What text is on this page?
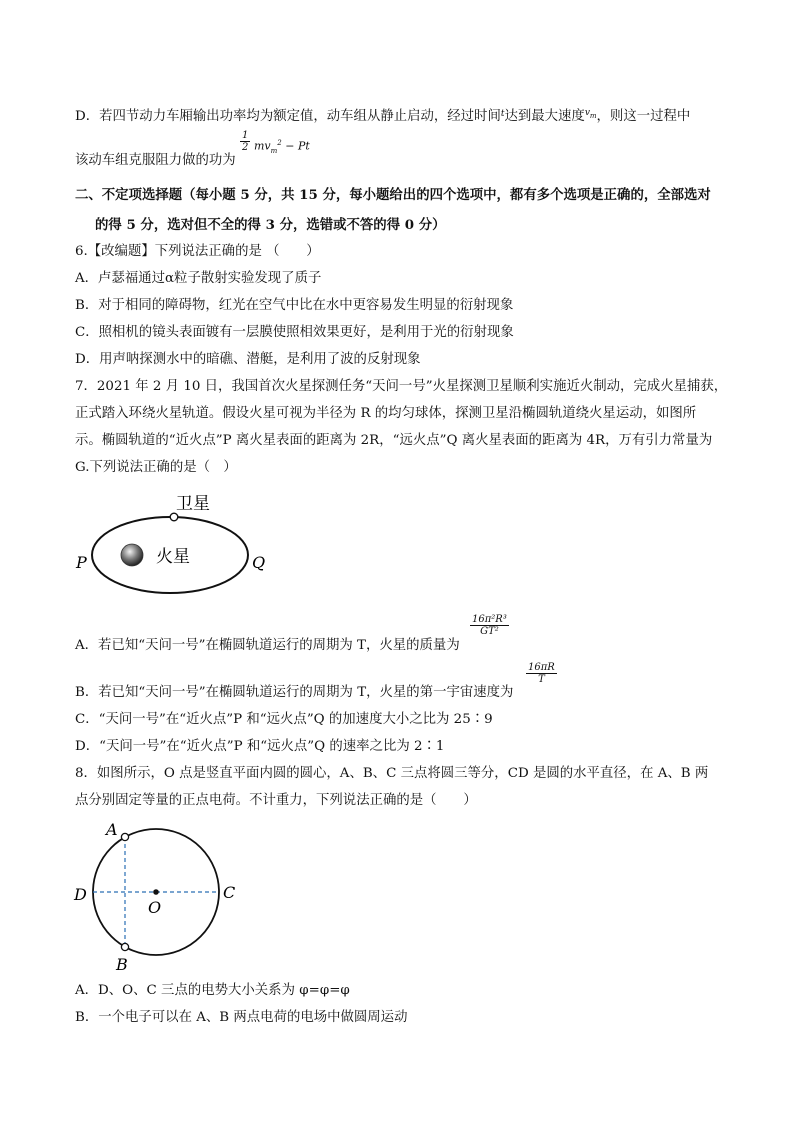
D．若四节动力车厢输出功率均为额定值，动车组从静止启动，经过时间$^t$达到最大速度$^{v_m}$，则这一过程中
该动车组克服阻力做的功为
$\frac{1}{2} mv_m^2 - Pt$
二、不定项选择题（每小题 5 分，共 15 分，每小题给出的四个选项中，都有多个选项是正确的，全部选对
的得 5 分，选对但不全的得 3 分，选错或不答的得 0 分）
6.【改编题】下列说法正确的是 （　　）
A．卢瑟福通过α粒子散射实验发现了质子
B．对于相同的障碍物，红光在空气中比在水中更容易发生明显的衍射现象
C．照相机的镜头表面镀有一层膜使照相效果更好，是利用于光的衍射现象
D．用声呐探测水中的暗礁、潜艇，是利用了波的反射现象
7．2021 年 2 月 10 日，我国首次火星探测任务“天问一号”火星探测卫星顺利实施近火制动，完成火星捕获，
正式踏入环绕火星轨道。假设火星可视为半径为 R 的均匀球体，探测卫星沿椭圆轨道绕火星运动，如图所
示。椭圆轨道的“近火点”P 离火星表面的距离为 2R，“远火点”Q 离火星表面的距离为 4R，万有引力常量为
G.下列说法正确的是（　）
卫星
火星
P	Q
A．若已知“天问一号”在椭圆轨道运行的周期为 T，火星的质量为
$\frac{\text{16π²R³}}{\text{GT²}}$
B．若已知“天问一号”在椭圆轨道运行的周期为 T，火星的第一宇宙速度为
$\frac{16\pi R}{T}$
C．“天问一号”在“近火点”P 和“远火点”Q 的加速度大小之比为 25∶9
D．“天问一号”在“近火点”P 和“远火点”Q 的速率之比为 2∶1
8．如图所示，O 点是竖直平面内圆的圆心，A、B、C 三点将圆三等分，CD 是圆的水平直径，在 A、B 两
点分别固定等量的正点电荷。不计重力，下列说法正确的是（　　）
A
B
C
D
O
A．D、O、C 三点的电势大小关系为 φ=φ=φ
B．一个电子可以在 A、B 两点电荷的电场中做圆周运动
